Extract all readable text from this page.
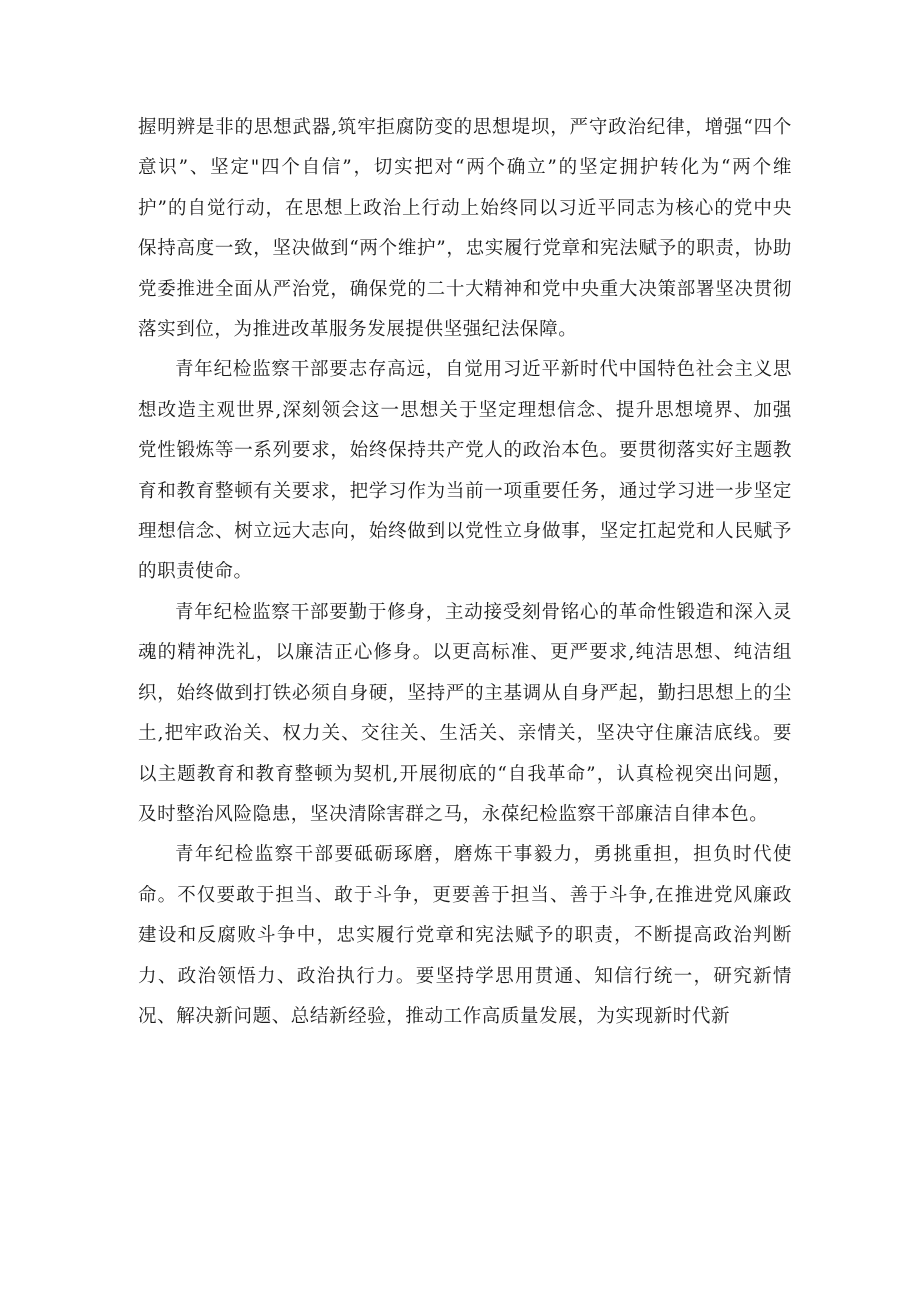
握明辨是非的思想武器,筑牢拒腐防变的思想堤坝，严守政治纪律，增强“四个意识”、坚定"四个自信”，切实把对“两个确立”的坚定拥护转化为“两个维护”的自觉行动，在思想上政治上行动上始终同以习近平同志为核心的党中央保持高度一致，坚决做到“两个维护”，忠实履行党章和宪法赋予的职责，协助党委推进全面从严治党，确保党的二十大精神和党中央重大决策部署坚决贯彻落实到位，为推进改革服务发展提供坚强纪法保障。

青年纪检监察干部要志存高远，自觉用习近平新时代中国特色社会主义思想改造主观世界,深刻领会这一思想关于坚定理想信念、提升思想境界、加强党性锻炼等一系列要求，始终保持共产党人的政治本色。要贯彻落实好主题教育和教育整顿有关要求，把学习作为当前一项重要任务，通过学习进一步坚定理想信念、树立远大志向，始终做到以党性立身做事，坚定扛起党和人民赋予的职责使命。

青年纪检监察干部要勤于修身，主动接受刻骨铭心的革命性锻造和深入灵魂的精神洗礼，以廉洁正心修身。以更高标准、更严要求,纯洁思想、纯洁组织，始终做到打铁必须自身硬，坚持严的主基调从自身严起，勤扫思想上的尘土,把牢政治关、权力关、交往关、生活关、亲情关，坚决守住廉洁底线。要以主题教育和教育整顿为契机,开展彻底的“自我革命”，认真检视突出问题，及时整治风险隐患，坚决清除害群之马，永葆纪检监察干部廉洁自律本色。

青年纪检监察干部要砥砺琢磨，磨炼干事毅力，勇挑重担，担负时代使命。不仅要敢于担当、敢于斗争，更要善于担当、善于斗争,在推进党风廉政建设和反腐败斗争中，忠实履行党章和宪法赋予的职责，不断提高政治判断力、政治领悟力、政治执行力。要坚持学思用贯通、知信行统一，研究新情况、解决新问题、总结新经验，推动工作高质量发展，为实现新时代新
